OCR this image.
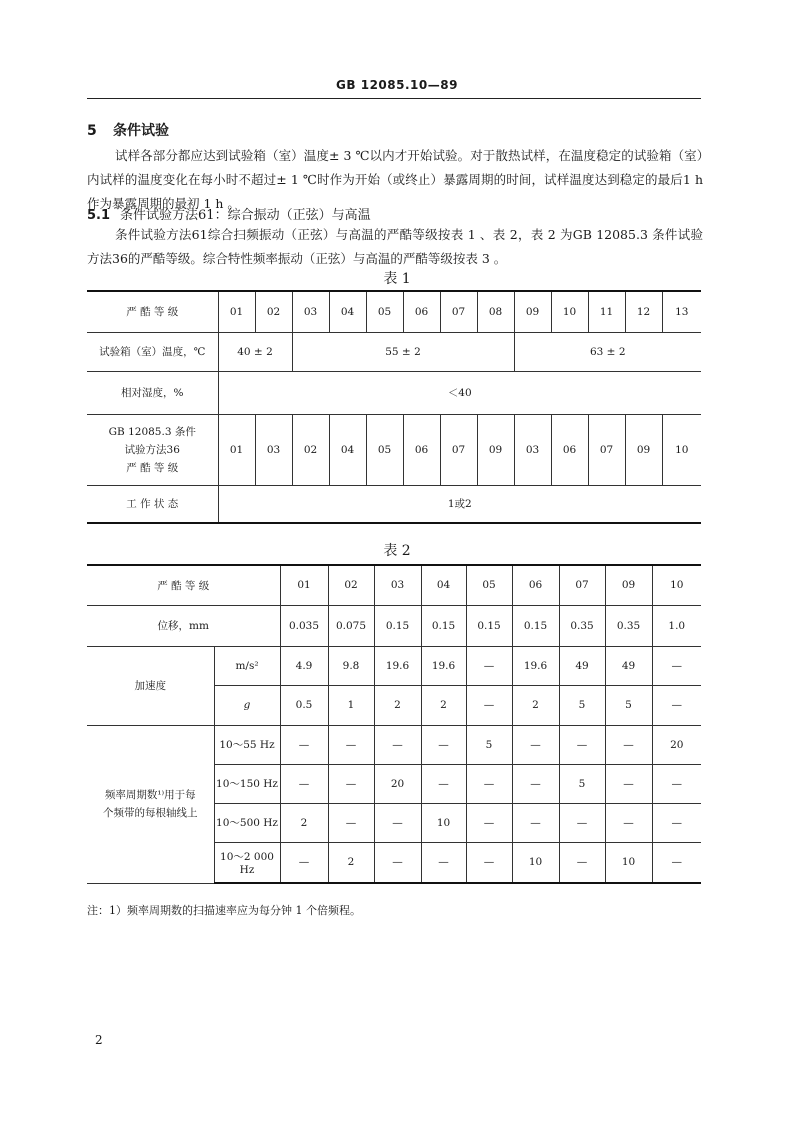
GB 12085.10—89
5 条件试验
试样各部分都应达到试验箱（室）温度± 3 ℃以内才开始试验。对于散热试样，在温度稳定的试验箱（室）内试样的温度变化在每小时不超过± 1 ℃时作为开始（或终止）暴露周期的时间，试样温度达到稳定的最后1 h 作为暴露周期的最初 1 h 。
5.1 条件试验方法61：综合振动（正弦）与高温
条件试验方法61综合扫频振动（正弦）与高温的严酷等级按表 1 、表 2，表 2 为GB 12085.3 条件试验方法36的严酷等级。综合特性频率振动（正弦）与高温的严酷等级按表 3 。
表 1
严 酷 等 级	01	02	03	04	05	06	07	08	09	10	11	12	13
试验箱（室）温度，℃	40 ± 2		55 ± 2						63 ± 2				
相对湿度，%	＜40												

GB 12085.3 条件
试验方法36
严 酷 等 级	01	03	02	04	05	06	07	09	03	06	07	09	10
工 作 状 态	1或2												
表 2
严 酷 等 级		01	02	03	04	05	06	07	09	10
位移，mm		0.035	0.075	0.15	0.15	0.15	0.15	0.35	0.35	1.0
加速度	m/s²	4.9	9.8	19.6	19.6	—	19.6	49	49	—
	g	0.5	1	2	2	—	2	5	5	—

频率周期数¹⁾用于每
个频带的每根轴线上	10～55 Hz	—	—	—	—	5	—	—	—	20
	10～150 Hz	—	—	20	—	—	—	5	—	—
	10～500 Hz	2	—	—	10	—	—	—	—	—
	10～2 000 Hz	—	2	—	—	—	10	—	10	—
注：1）频率周期数的扫描速率应为每分钟 1 个倍频程。
2
